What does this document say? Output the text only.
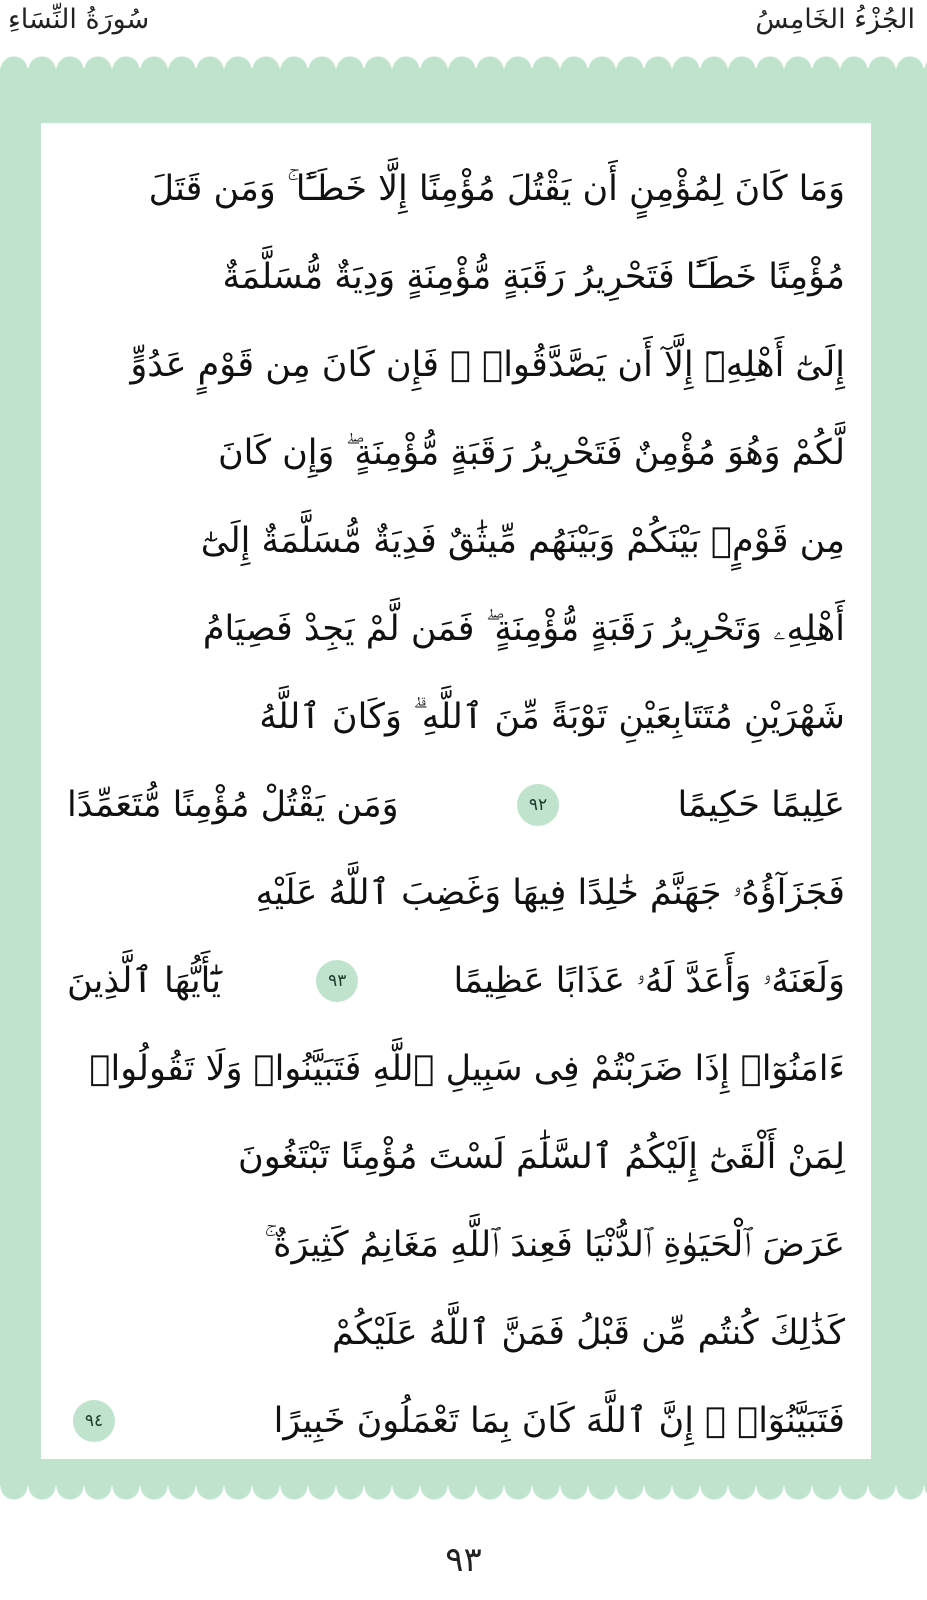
سُورَةُ النِّسَاءِ	الجُزْءُ الخَامِسُ
وَمَا كَانَ لِمُؤْمِنٍ أَن يَقْتُلَ مُؤْمِنًا إِلَّا خَطَـًٔا ۚ وَمَن قَتَلَ
مُؤْمِنًا خَطَـًٔا فَتَحْرِيرُ رَقَبَةٍ مُّؤْمِنَةٍ وَدِيَةٌ مُّسَلَّمَةٌ
إِلَىٰٓ أَهْلِهِۦٓ إِلَّآ أَن يَصَّدَّقُوا۟ ۚ فَإِن كَانَ مِن قَوْمٍ عَدُوٍّ
لَّكُمْ وَهُوَ مُؤْمِنٌ فَتَحْرِيرُ رَقَبَةٍ مُّؤْمِنَةٍ ۖ وَإِن كَانَ
مِن قَوْمٍۭ بَيْنَكُمْ وَبَيْنَهُم مِّيثَٰقٌ فَدِيَةٌ مُّسَلَّمَةٌ إِلَىٰٓ
أَهْلِهِۦ وَتَحْرِيرُ رَقَبَةٍ مُّؤْمِنَةٍ ۖ فَمَن لَّمْ يَجِدْ فَصِيَامُ
شَهْرَيْنِ مُتَتَابِعَيْنِ تَوْبَةً مِّنَ ٱللَّهِ ۗ وَكَانَ ٱللَّهُ
عَلِيمًا حَكِيمًا
٩٢
وَمَن يَقْتُلْ مُؤْمِنًا مُّتَعَمِّدًا
فَجَزَآؤُهُۥ جَهَنَّمُ خَٰلِدًا فِيهَا وَغَضِبَ ٱللَّهُ عَلَيْهِ
وَلَعَنَهُۥ وَأَعَدَّ لَهُۥ عَذَابًا عَظِيمًا
٩٣
يَٰٓأَيُّهَا ٱلَّذِينَ
ءَامَنُوٓا۟ إِذَا ضَرَبْتُمْ فِى سَبِيلِ ٱللَّهِ فَتَبَيَّنُوا۟ وَلَا تَقُولُوا۟
لِمَنْ أَلْقَىٰٓ إِلَيْكُمُ ٱلسَّلَٰمَ لَسْتَ مُؤْمِنًا تَبْتَغُونَ
عَرَضَ ٱلْحَيَوٰةِ ٱلدُّنْيَا فَعِندَ ٱللَّهِ مَغَانِمُ كَثِيرَةٌ ۚ
كَذَٰلِكَ كُنتُم مِّن قَبْلُ فَمَنَّ ٱللَّهُ عَلَيْكُمْ
فَتَبَيَّنُوٓا۟ ۚ إِنَّ ٱللَّهَ كَانَ بِمَا تَعْمَلُونَ خَبِيرًا
٩٤
٩٣
